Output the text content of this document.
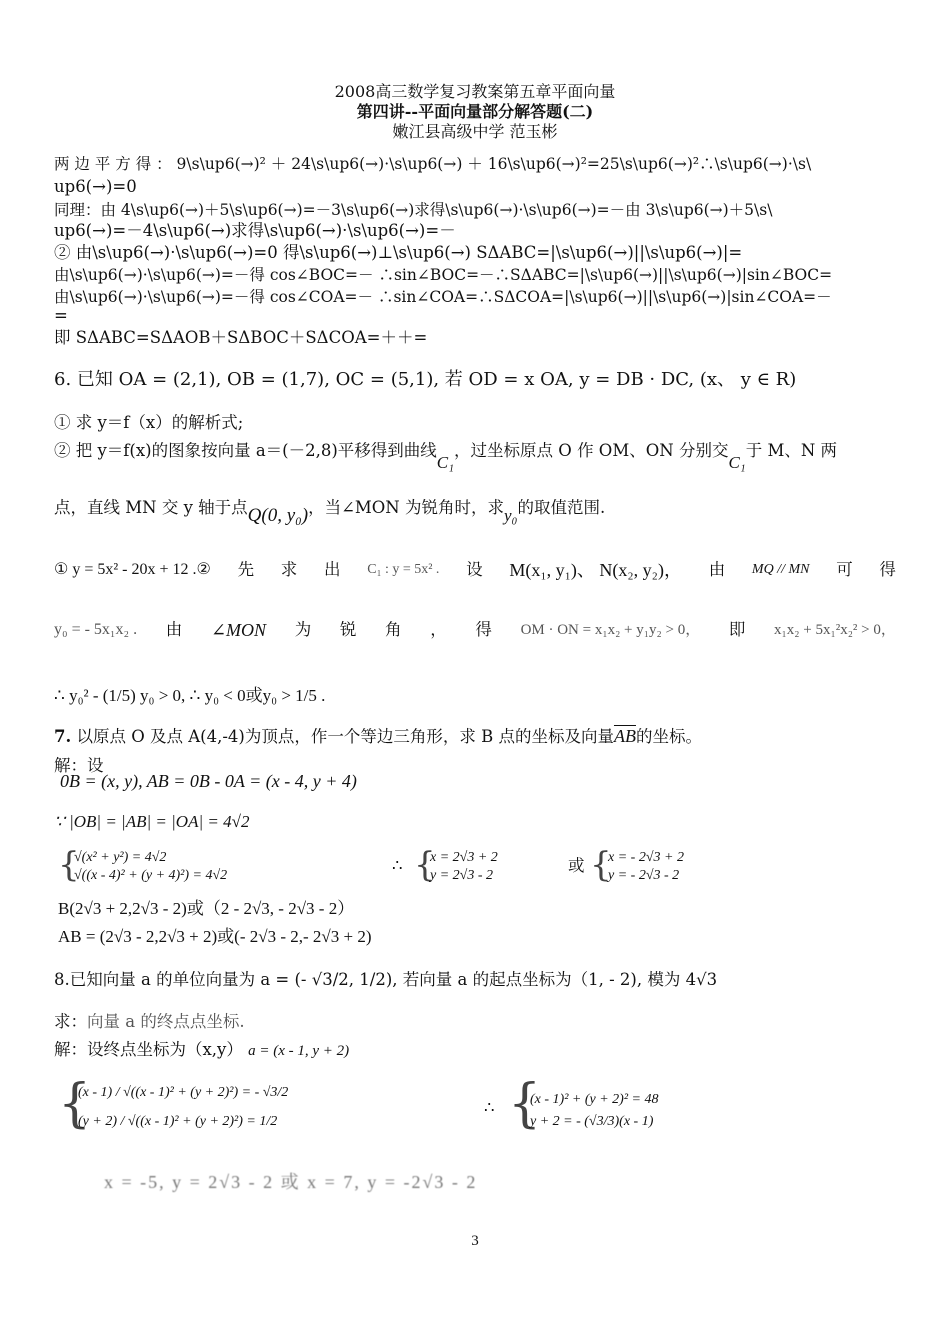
2008高三数学复习教案第五章平面向量
第四讲--平面向量部分解答题(二)
嫩江县高级中学 范玉彬
两 边 平 方 得 ： 9\s\up6(→)² ＋ 24\s\up6(→)·\s\up6(→) ＋ 16\s\up6(→)²=25\s\up6(→)²∴\s\up6(→)·\s\
up6(→)=0
同理：由 4\s\up6(→)＋5\s\up6(→)=－3\s\up6(→)求得\s\up6(→)·\s\up6(→)=－由 3\s\up6(→)＋5\s\
up6(→)=－4\s\up6(→)求得\s\up6(→)·\s\up6(→)=－
② 由\s\up6(→)·\s\up6(→)=0 得\s\up6(→)⊥\s\up6(→) SΔABC=|\s\up6(→)||\s\up6(→)|=
由\s\up6(→)·\s\up6(→)=－得 cos∠BOC=－ ∴sin∠BOC=－∴SΔABC=|\s\up6(→)||\s\up6(→)|sin∠BOC=
由\s\up6(→)·\s\up6(→)=－得 cos∠COA=－ ∴sin∠COA=∴SΔCOA=|\s\up6(→)||\s\up6(→)|sin∠COA=－
=
即 SΔABC=SΔAOB＋SΔBOC＋SΔCOA=＋＋=
6. 已知 OA = (2,1), OB = (1,7), OC = (5,1), 若 OD = x OA, y = DB · DC, (x、 y ∈ R)
① 求 y＝f（x）的解析式;
② 把 y＝f(x)的图象按向量 a＝(－2,8)平移得到曲线C₁，过坐标原点 O 作 OM、ON 分别交C₁于 M、N 两
点，直线 MN 交 y 轴于点Q(0, y₀)，当∠MON 为锐角时，求y₀的取值范围.
① y = 5x² - 20x + 12 .② 先 求 出 C₁ : y = 5x² . 设 M(x₁, y₁)、 N(x₂, y₂)， 由 MQ // MN 可 得
y₀ = - 5x₁x₂ . 由 ∠MON 为 锐 角 ， 得 OM · ON = x₁x₂ + y₁y₂ > 0， 即 x₁x₂ + 5x₁²x₂² > 0，
∴ y₀² - (1/5) y₀ > 0, ∴ y₀ < 0或y₀ > 1/5 .
7. 以原点 O 及点 A(4,-4)为顶点，作一个等边三角形，求 B 点的坐标及向量$\overline{AB}$的坐标。
解：设
0B = (x, y), AB = 0B - 0A = (x - 4, y + 4)
∵ |OB| = |AB| = |OA| = 4√2
{
√(x² + y²) = 4√2
√((x - 4)² + (y + 4)²) = 4√2
∴ {
x = 2√3 + 2
y = 2√3 - 2
或 {
x = - 2√3 + 2
y = - 2√3 - 2
B(2√3 + 2,2√3 - 2)或（2 - 2√3, - 2√3 - 2）
AB = (2√3 - 2,2√3 + 2)或(- 2√3 - 2,- 2√3 + 2)
8.已知向量 a 的单位向量为 a = (- √3/2, 1/2), 若向量 a 的起点坐标为（1, - 2), 模为 4√3
求：向量 a 的终点点坐标.
解：设终点坐标为（x,y） a = (x - 1, y + 2)
{
(x - 1) / √((x - 1)² + (y + 2)²) = - √3/2
(y + 2) / √((x - 1)² + (y + 2)²) = 1/2
∴ {
(x - 1)² + (y + 2)² = 48
y + 2 = - (√3/3)(x - 1)
x = -5, y = 2√3 - 2 或 x = 7, y = -2√3 - 2
3
